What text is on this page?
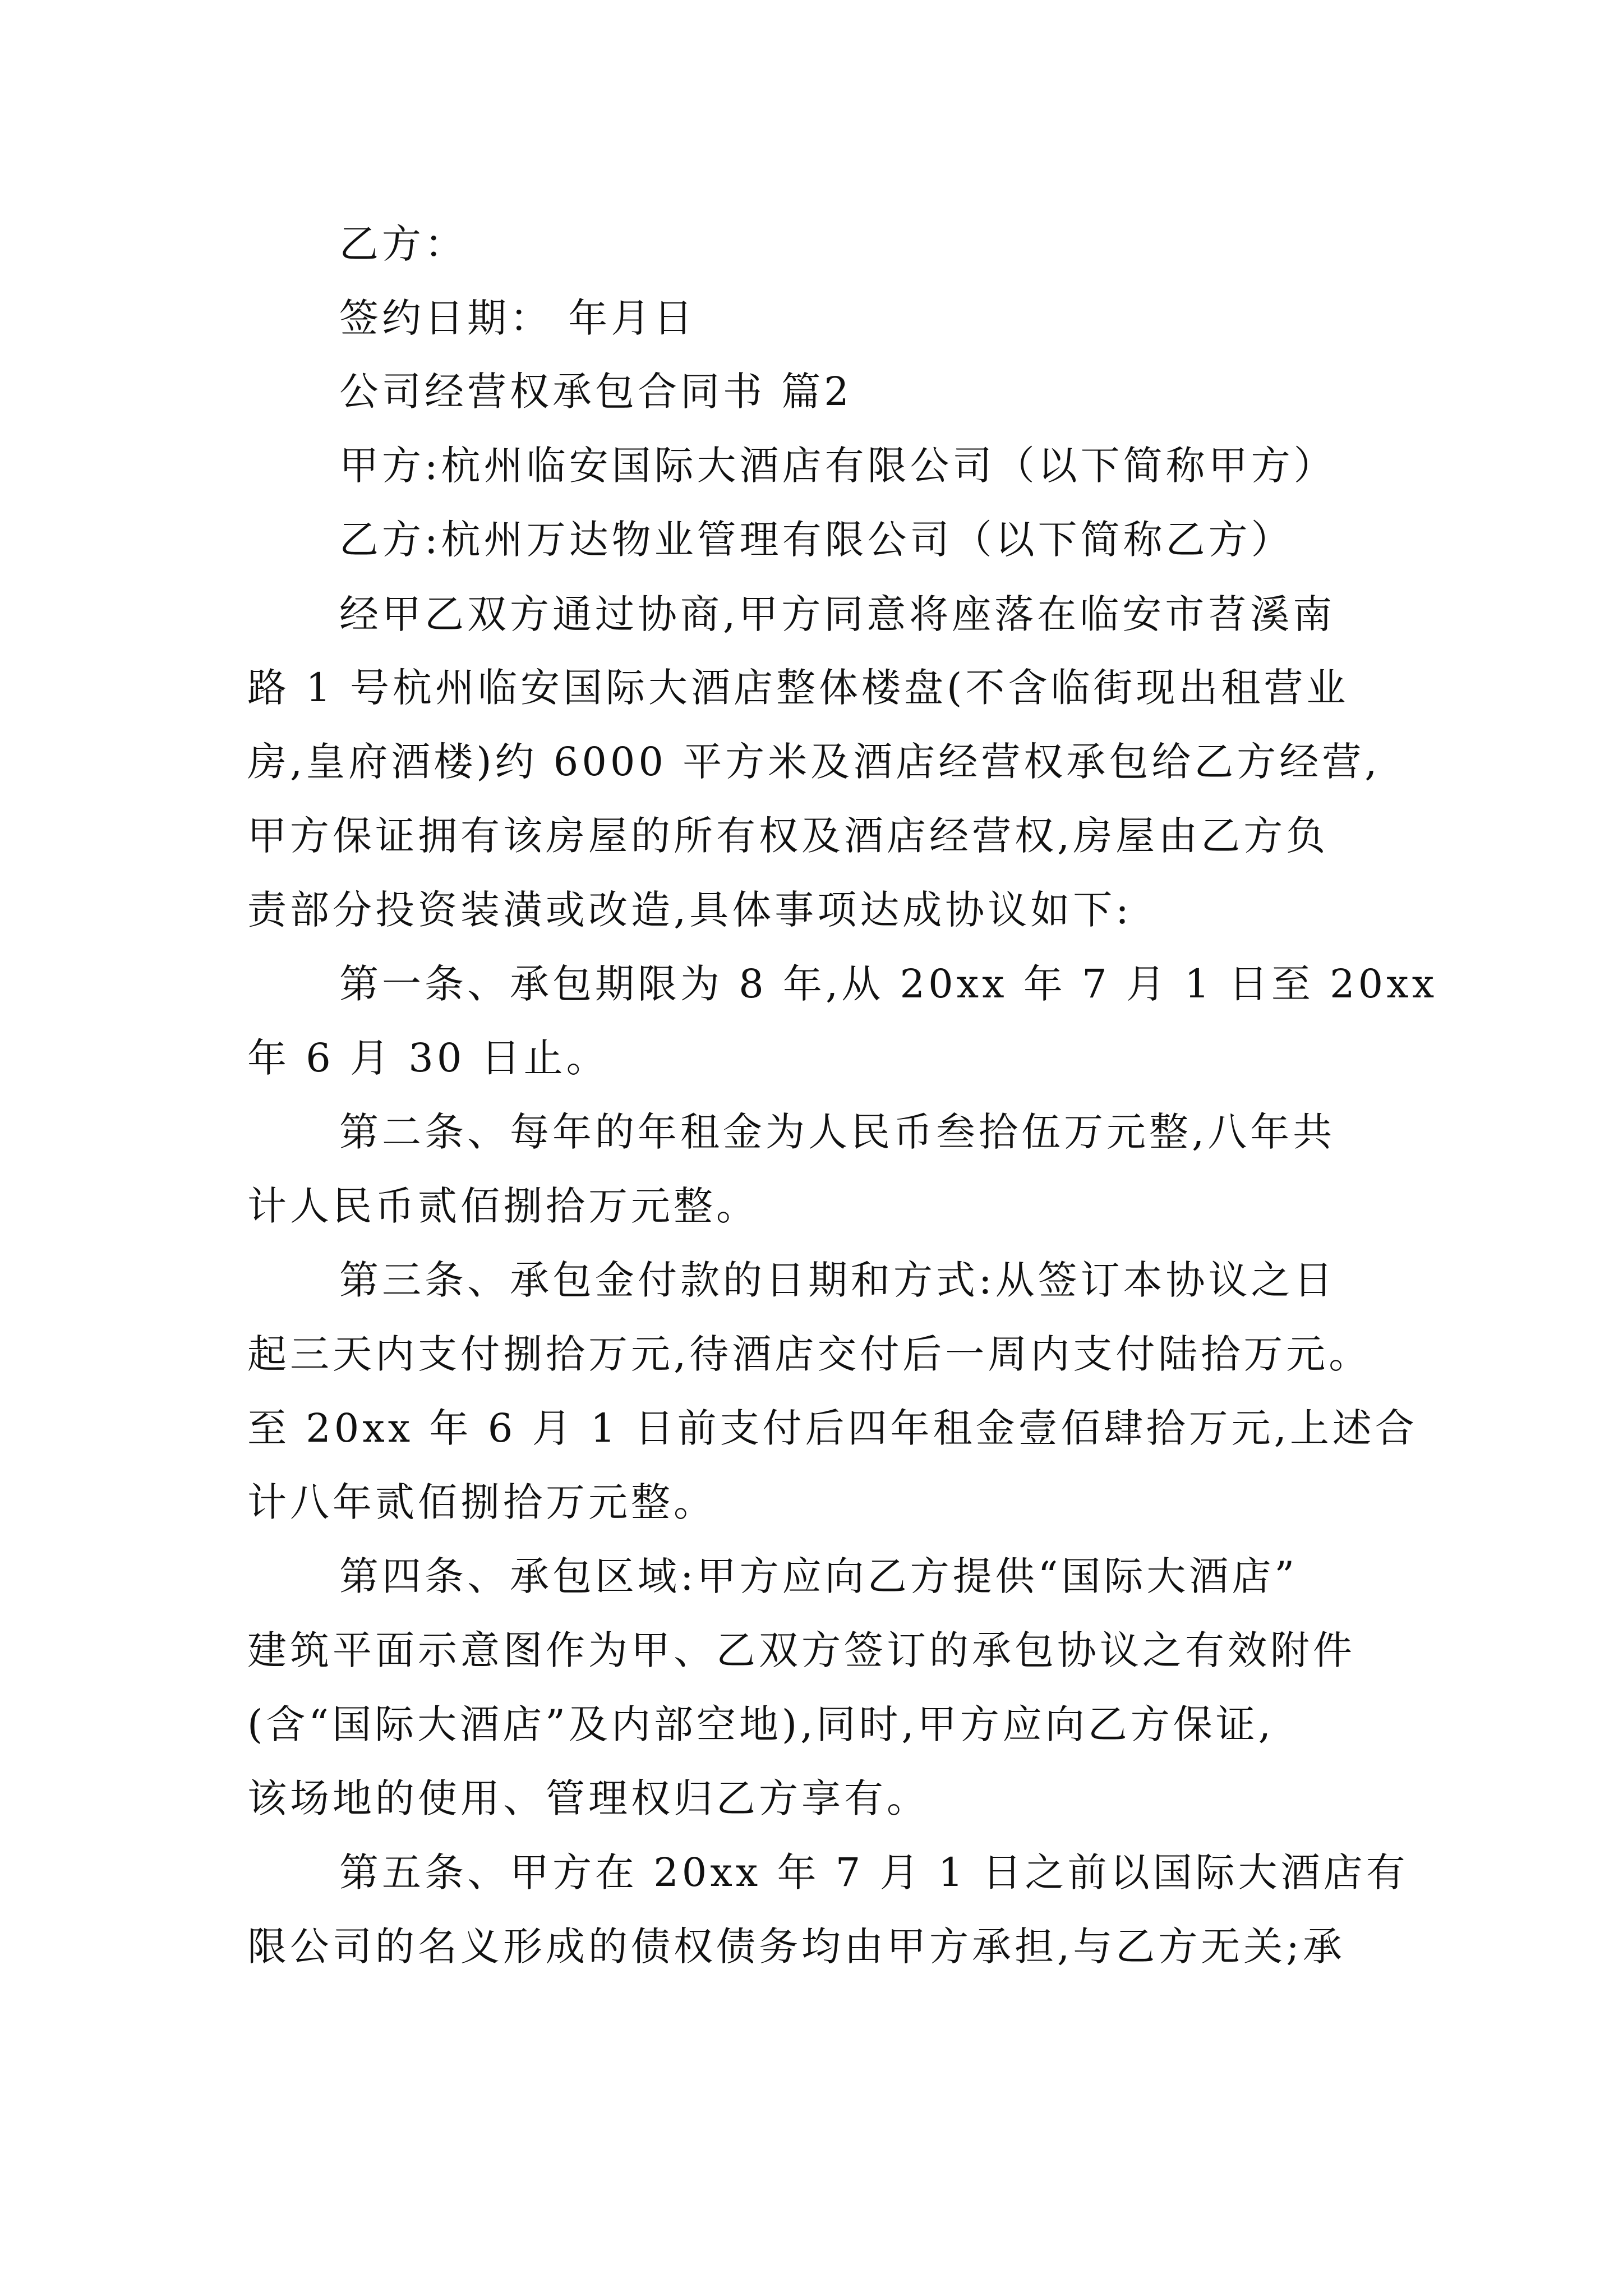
乙方：
签约日期： 年月日
公司经营权承包合同书 篇2
甲方:杭州临安国际大酒店有限公司（以下简称甲方）
乙方:杭州万达物业管理有限公司（以下简称乙方）
经甲乙双方通过协商,甲方同意将座落在临安市苕溪南
路 1 号杭州临安国际大酒店整体楼盘(不含临街现出租营业
房,皇府酒楼)约 6000 平方米及酒店经营权承包给乙方经营,
甲方保证拥有该房屋的所有权及酒店经营权,房屋由乙方负
责部分投资装潢或改造,具体事项达成协议如下:
第一条、承包期限为 8 年,从 20xx 年 7 月 1 日至 20xx
年 6 月 30 日止。
第二条、每年的年租金为人民币叁拾伍万元整,八年共
计人民币贰佰捌拾万元整。
第三条、承包金付款的日期和方式:从签订本协议之日
起三天内支付捌拾万元,待酒店交付后一周内支付陆拾万元。
至 20xx 年 6 月 1 日前支付后四年租金壹佰肆拾万元,上述合
计八年贰佰捌拾万元整。
第四条、承包区域:甲方应向乙方提供“国际大酒店”
建筑平面示意图作为甲、乙双方签订的承包协议之有效附件
(含“国际大酒店”及内部空地),同时,甲方应向乙方保证,
该场地的使用、管理权归乙方享有。
第五条、甲方在 20xx 年 7 月 1 日之前以国际大酒店有
限公司的名义形成的债权债务均由甲方承担,与乙方无关;承
